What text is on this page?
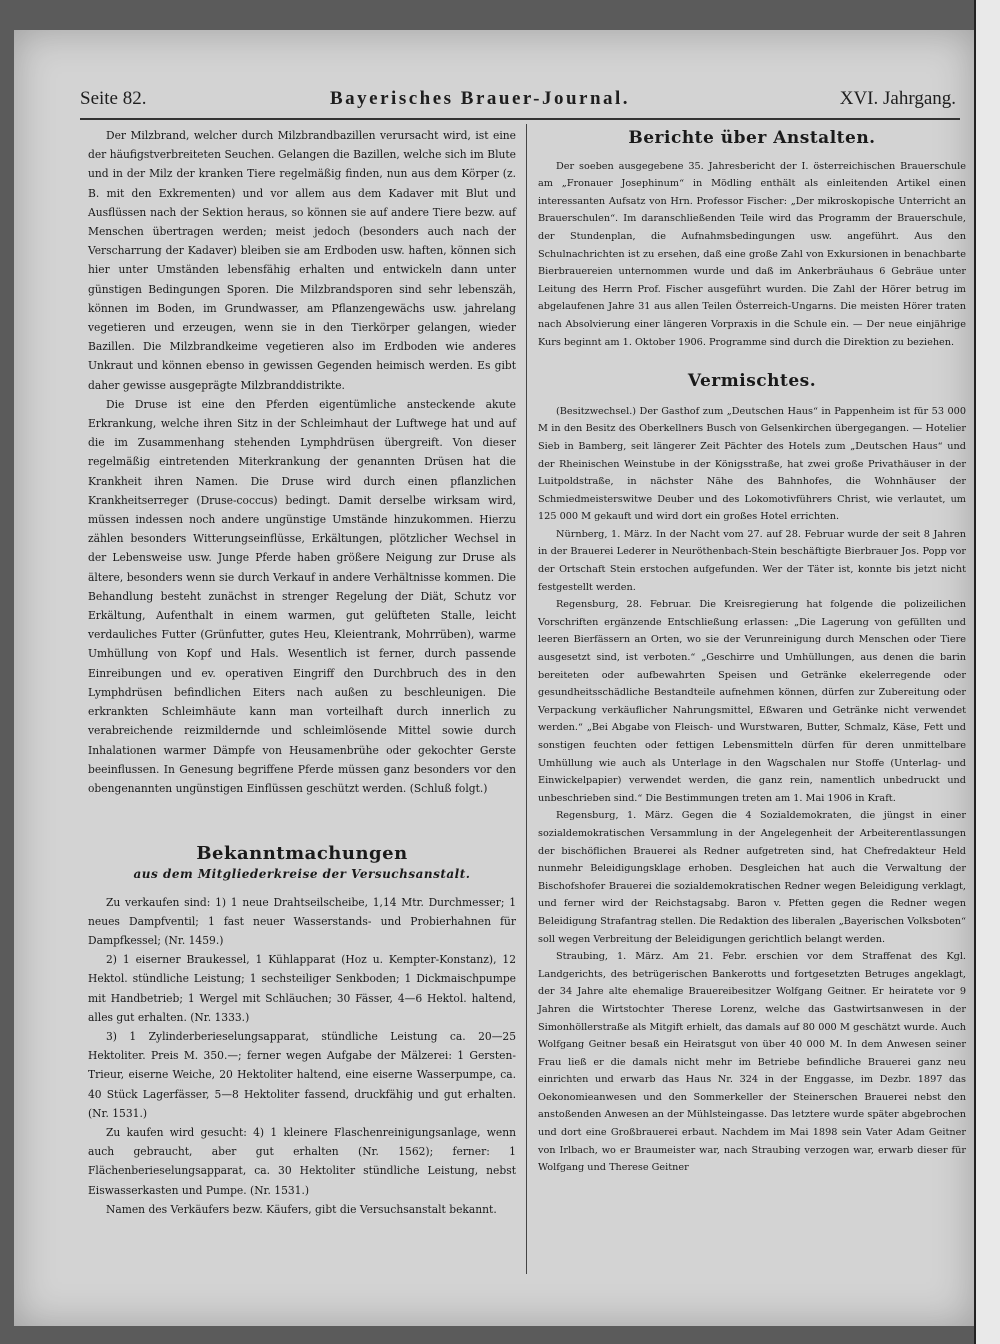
Seite 82.	Bayerisches Brauer-Journal.	XVI. Jahrgang.

Der Milzbrand, welcher durch Milzbrandbazillen verursacht wird, ist eine der häufigstverbreiteten Seuchen. Gelangen die Bazillen, welche sich im Blute und in der Milz der kranken Tiere regelmäßig finden, nun aus dem Körper (z. B. mit den Exkrementen) und vor allem aus dem Kadaver mit Blut und Ausflüssen nach der Sektion heraus, so können sie auf andere Tiere bezw. auf Menschen übertragen werden; meist jedoch (besonders auch nach der Verscharrung der Kadaver) bleiben sie am Erdboden usw. haften, können sich hier unter Umständen lebensfähig erhalten und entwickeln dann unter günstigen Bedingungen Sporen. Die Milzbrandsporen sind sehr lebenszäh, können im Boden, im Grundwasser, am Pflanzengewächs usw. jahrelang vegetieren und erzeugen, wenn sie in den Tierkörper gelangen, wieder Bazillen. Die Milzbrandkeime vegetieren also im Erdboden wie anderes Unkraut und können ebenso in gewissen Gegenden heimisch werden. Es gibt daher gewisse ausgeprägte Milzbranddistrikte.

Die Druse ist eine den Pferden eigentümliche ansteckende akute Erkrankung, welche ihren Sitz in der Schleimhaut der Luftwege hat und auf die im Zusammenhang stehenden Lymphdrüsen übergreift. Von dieser regelmäßig eintretenden Miterkrankung der genannten Drüsen hat die Krankheit ihren Namen. Die Druse wird durch einen pflanzlichen Krankheitserreger (Druse-coccus) bedingt. Damit derselbe wirksam wird, müssen indessen noch andere ungünstige Umstände hinzukommen. Hierzu zählen besonders Witterungseinflüsse, Erkältungen, plötzlicher Wechsel in der Lebensweise usw. Junge Pferde haben größere Neigung zur Druse als ältere, besonders wenn sie durch Verkauf in andere Verhältnisse kommen. Die Behandlung besteht zunächst in strenger Regelung der Diät, Schutz vor Erkältung, Aufenthalt in einem warmen, gut gelüfteten Stalle, leicht verdauliches Futter (Grünfutter, gutes Heu, Kleientrank, Mohrrüben), warme Umhüllung von Kopf und Hals. Wesentlich ist ferner, durch passende Einreibungen und ev. operativen Eingriff den Durchbruch des in den Lymphdrüsen befindlichen Eiters nach außen zu beschleunigen. Die erkrankten Schleimhäute kann man vorteilhaft durch innerlich zu verabreichende reizmildernde und schleimlösende Mittel sowie durch Inhalationen warmer Dämpfe von Heusamenbrühe oder gekochter Gerste beeinflussen. In Genesung begriffene Pferde müssen ganz besonders vor den obengenannten ungünstigen Einflüssen geschützt werden. (Schluß folgt.)

Bekanntmachungen
aus dem Mitgliederkreise der Versuchsanstalt.

Zu verkaufen sind: 1) 1 neue Drahtseilscheibe, 1,14 Mtr. Durchmesser; 1 neues Dampfventil; 1 fast neuer Wasserstands- und Probierhahnen für Dampfkessel; (Nr. 1459.)

2) 1 eiserner Braukessel, 1 Kühlapparat (Hoz u. Kempter-Konstanz), 12 Hektol. stündliche Leistung; 1 sechsteiliger Senkboden; 1 Dickmaischpumpe mit Handbetrieb; 1 Wergel mit Schläuchen; 30 Fässer, 4—6 Hektol. haltend, alles gut erhalten. (Nr. 1333.)

3) 1 Zylinderberieselungsapparat, stündliche Leistung ca. 20—25 Hektoliter. Preis M. 350.—; ferner wegen Aufgabe der Mälzerei: 1 Gersten-Trieur, eiserne Weiche, 20 Hektoliter haltend, eine eiserne Wasserpumpe, ca. 40 Stück Lagerfässer, 5—8 Hektoliter fassend, druckfähig und gut erhalten. (Nr. 1531.)

Zu kaufen wird gesucht: 4) 1 kleinere Flaschenreinigungsanlage, wenn auch gebraucht, aber gut erhalten (Nr. 1562); ferner: 1 Flächenberieselungsapparat, ca. 30 Hektoliter stündliche Leistung, nebst Eiswasserkasten und Pumpe. (Nr. 1531.)

Namen des Verkäufers bezw. Käufers, gibt die Versuchsanstalt bekannt.

Berichte über Anstalten.

Der soeben ausgegebene 35. Jahresbericht der I. österreichischen Brauerschule am „Fronauer Josephinum“ in Mödling enthält als einleitenden Artikel einen interessanten Aufsatz von Hrn. Professor Fischer: „Der mikroskopische Unterricht an Brauerschulen“. Im daranschließenden Teile wird das Programm der Brauerschule, der Stundenplan, die Aufnahmsbedingungen usw. angeführt. Aus den Schulnachrichten ist zu ersehen, daß eine große Zahl von Exkursionen in benachbarte Bierbrauereien unternommen wurde und daß im Ankerbräuhaus 6 Gebräue unter Leitung des Herrn Prof. Fischer ausgeführt wurden. Die Zahl der Hörer betrug im abgelaufenen Jahre 31 aus allen Teilen Österreich-Ungarns. Die meisten Hörer traten nach Absolvierung einer längeren Vorpraxis in die Schule ein. — Der neue einjährige Kurs beginnt am 1. Oktober 1906. Programme sind durch die Direktion zu beziehen.

Vermischtes.

(Besitzwechsel.) Der Gasthof zum „Deutschen Haus“ in Pappenheim ist für 53 000 M in den Besitz des Oberkellners Busch von Gelsenkirchen übergegangen. — Hotelier Sieb in Bamberg, seit längerer Zeit Pächter des Hotels zum „Deutschen Haus“ und der Rheinischen Weinstube in der Königsstraße, hat zwei große Privathäuser in der Luitpoldstraße, in nächster Nähe des Bahnhofes, die Wohnhäuser der Schmiedmeisterswitwe Deuber und des Lokomotivführers Christ, wie verlautet, um 125 000 M gekauft und wird dort ein großes Hotel errichten.

Nürnberg, 1. März. In der Nacht vom 27. auf 28. Februar wurde der seit 8 Jahren in der Brauerei Lederer in Neuröthenbach-Stein beschäftigte Bierbrauer Jos. Popp vor der Ortschaft Stein erstochen aufgefunden. Wer der Täter ist, konnte bis jetzt nicht festgestellt werden.

Regensburg, 28. Februar. Die Kreisregierung hat folgende die polizeilichen Vorschriften ergänzende Entschließung erlassen: „Die Lagerung von gefüllten und leeren Bierfässern an Orten, wo sie der Verunreinigung durch Menschen oder Tiere ausgesetzt sind, ist verboten.“ „Geschirre und Umhüllungen, aus denen die barin bereiteten oder aufbewahrten Speisen und Getränke ekelerregende oder gesundheitsschädliche Bestandteile aufnehmen können, dürfen zur Zubereitung oder Verpackung verkäuflicher Nahrungsmittel, Eßwaren und Getränke nicht verwendet werden.“ „Bei Abgabe von Fleisch- und Wurstwaren, Butter, Schmalz, Käse, Fett und sonstigen feuchten oder fettigen Lebensmitteln dürfen für deren unmittelbare Umhüllung wie auch als Unterlage in den Wagschalen nur Stoffe (Unterlag- und Einwickelpapier) verwendet werden, die ganz rein, namentlich unbedruckt und unbeschrieben sind.“ Die Bestimmungen treten am 1. Mai 1906 in Kraft.

Regensburg, 1. März. Gegen die 4 Sozialdemokraten, die jüngst in einer sozialdemokratischen Versammlung in der Angelegenheit der Arbeiterentlassungen der bischöflichen Brauerei als Redner aufgetreten sind, hat Chefredakteur Held nunmehr Beleidigungsklage erhoben. Desgleichen hat auch die Verwaltung der Bischofshofer Brauerei die sozialdemokratischen Redner wegen Beleidigung verklagt, und ferner wird der Reichstagsabg. Baron v. Pfetten gegen die Redner wegen Beleidigung Strafantrag stellen. Die Redaktion des liberalen „Bayerischen Volksboten“ soll wegen Verbreitung der Beleidigungen gerichtlich belangt werden.

Straubing, 1. März. Am 21. Febr. erschien vor dem Straffenat des Kgl. Landgerichts, des betrügerischen Bankerotts und fortgesetzten Betruges angeklagt, der 34 Jahre alte ehemalige Brauereibesitzer Wolfgang Geitner. Er heiratete vor 9 Jahren die Wirtstochter Therese Lorenz, welche das Gastwirtsanwesen in der Simonhöllerstraße als Mitgift erhielt, das damals auf 80 000 M geschätzt wurde. Auch Wolfgang Geitner besaß ein Heiratsgut von über 40 000 M. In dem Anwesen seiner Frau ließ er die damals nicht mehr im Betriebe befindliche Brauerei ganz neu einrichten und erwarb das Haus Nr. 324 in der Enggasse, im Dezbr. 1897 das Oekonomieanwesen und den Sommerkeller der Steinerschen Brauerei nebst den anstoßenden Anwesen an der Mühlsteingasse. Das letztere wurde später abgebrochen und dort eine Großbrauerei erbaut. Nachdem im Mai 1898 sein Vater Adam Geitner von Irlbach, wo er Braumeister war, nach Straubing verzogen war, erwarb dieser für Wolfgang und Therese Geitner
